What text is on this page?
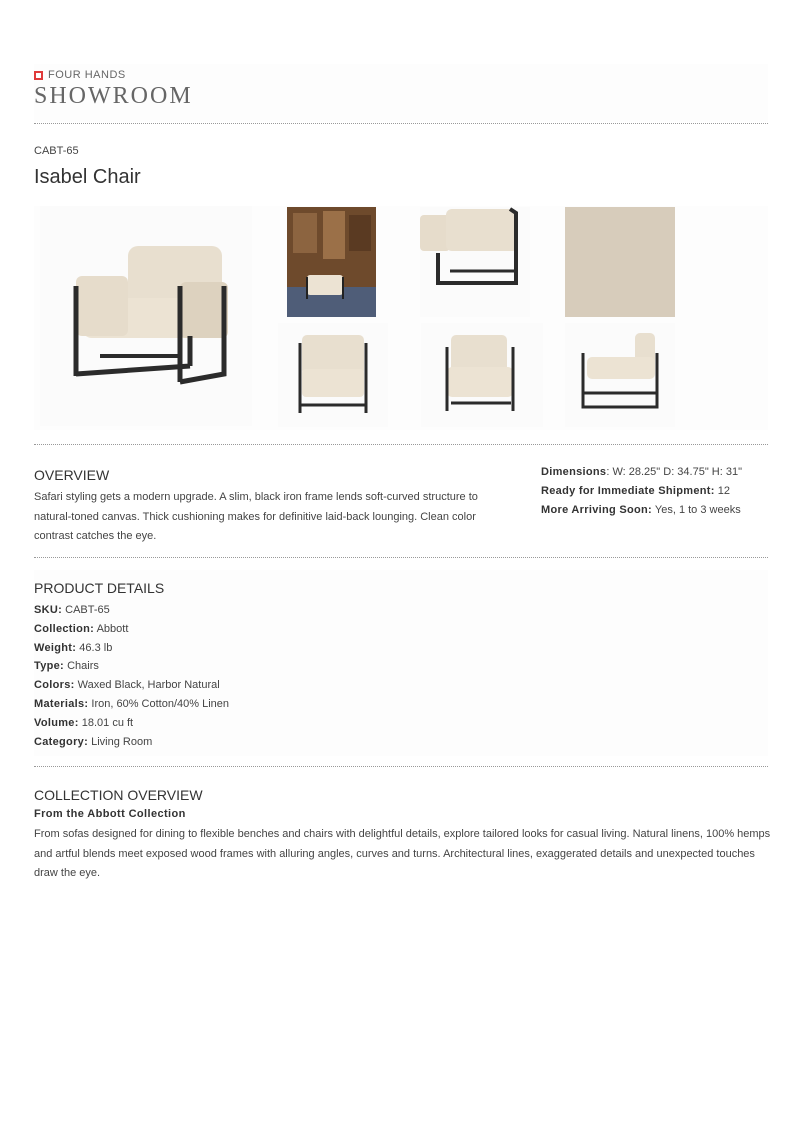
FOUR HANDS
SHOWROOM
CABT-65
Isabel Chair
OVERVIEW
Safari styling gets a modern upgrade. A slim, black iron frame lends soft-curved structure to natural-toned canvas. Thick cushioning makes for definitive laid-back lounging. Clean color contrast catches the eye.
Dimensions: W: 28.25" D: 34.75" H: 31"
Ready for Immediate Shipment: 12
More Arriving Soon: Yes, 1 to 3 weeks
PRODUCT DETAILS
SKU: CABT-65
Collection: Abbott
Weight: 46.3 lb
Type: Chairs
Colors: Waxed Black, Harbor Natural
Materials: Iron, 60% Cotton/40% Linen
Volume: 18.01 cu ft
Category: Living Room
COLLECTION OVERVIEW
From the Abbott Collection
From sofas designed for dining to flexible benches and chairs with delightful details, explore tailored looks for casual living. Natural linens, 100% hemps and artful blends meet exposed wood frames with alluring angles, curves and turns. Architectural lines, exaggerated details and unexpected touches draw the eye.
